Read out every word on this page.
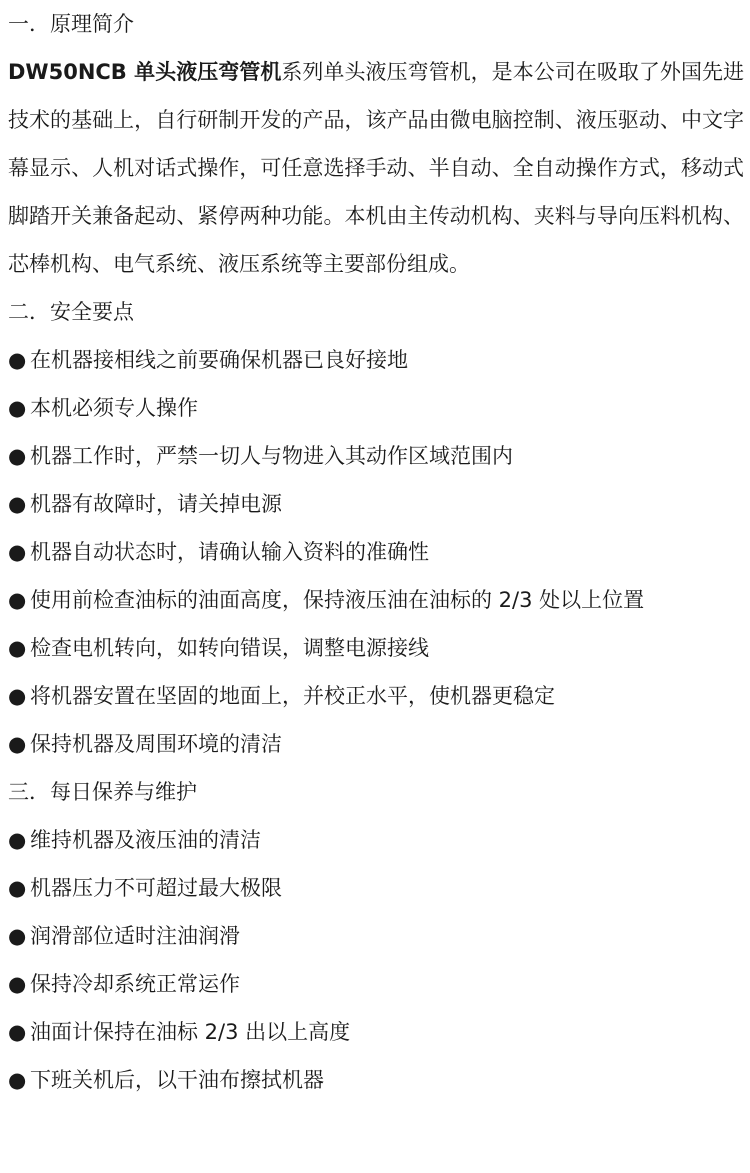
一．原理简介
DW50NCB 单头液压弯管机系列单头液压弯管机，是本公司在吸取了外国先进技术的基础上，自行研制开发的产品，该产品由微电脑控制、液压驱动、中文字幕显示、人机对话式操作，可任意选择手动、半自动、全自动操作方式，移动式脚踏开关兼备起动、紧停两种功能。本机由主传动机构、夹料与导向压料机构、芯棒机构、电气系统、液压系统等主要部份组成。
二．安全要点
● 在机器接相线之前要确保机器已良好接地
● 本机必须专人操作
● 机器工作时，严禁一切人与物进入其动作区域范围内
● 机器有故障时，请关掉电源
● 机器自动状态时，请确认输入资料的准确性
● 使用前检查油标的油面高度，保持液压油在油标的 2/3 处以上位置
● 检查电机转向，如转向错误，调整电源接线
● 将机器安置在坚固的地面上，并校正水平，使机器更稳定
● 保持机器及周围环境的清洁
三．每日保养与维护
● 维持机器及液压油的清洁
● 机器压力不可超过最大极限
● 润滑部位适时注油润滑
● 保持冷却系统正常运作
● 油面计保持在油标 2/3 出以上高度
● 下班关机后，以干油布擦拭机器
